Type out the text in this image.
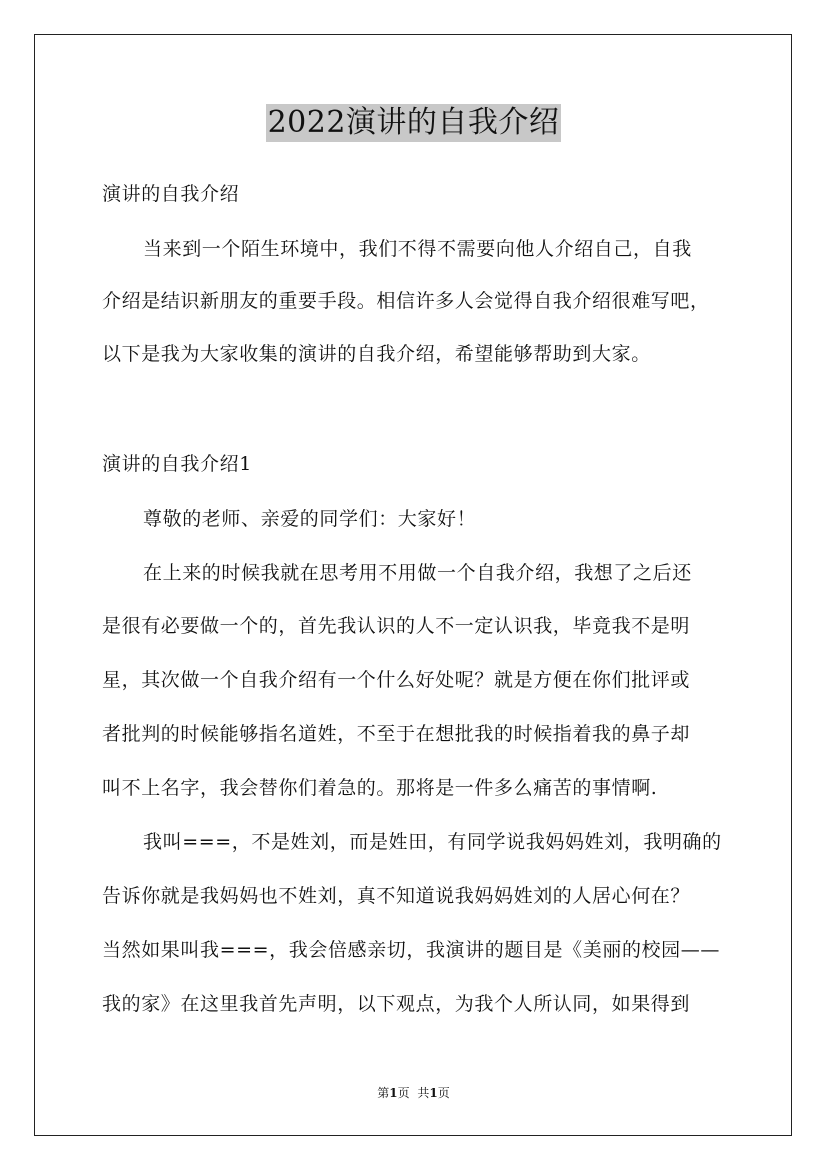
2022演讲的自我介绍
演讲的自我介绍
当来到一个陌生环境中，我们不得不需要向他人介绍自己，自我
介绍是结识新朋友的重要手段。相信许多人会觉得自我介绍很难写吧，
以下是我为大家收集的演讲的自我介绍，希望能够帮助到大家。
演讲的自我介绍1
尊敬的老师、亲爱的同学们：大家好！
在上来的时候我就在思考用不用做一个自我介绍，我想了之后还
是很有必要做一个的，首先我认识的人不一定认识我，毕竟我不是明
星，其次做一个自我介绍有一个什么好处呢？就是方便在你们批评或
者批判的时候能够指名道姓，不至于在想批我的时候指着我的鼻子却
叫不上名字，我会替你们着急的。那将是一件多么痛苦的事情啊.
我叫===，不是姓刘，而是姓田，有同学说我妈妈姓刘，我明确的
告诉你就是我妈妈也不姓刘，真不知道说我妈妈姓刘的人居心何在？
当然如果叫我===，我会倍感亲切，我演讲的题目是《美丽的校园——
我的家》在这里我首先声明，以下观点，为我个人所认同，如果得到
第1页 共1页
